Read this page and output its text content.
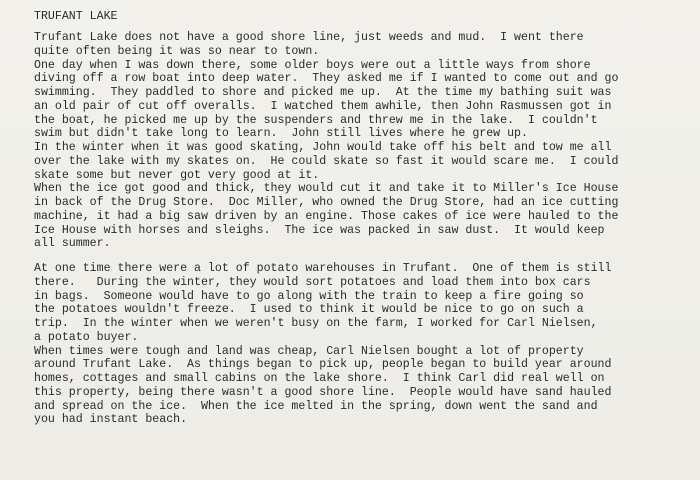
TRUFANT LAKE
Trufant Lake does not have a good shore line, just weeds and mud.  I went there
quite often being it was so near to town.
One day when I was down there, some older boys were out a little ways from shore
diving off a row boat into deep water.  They asked me if I wanted to come out and go
swimming.  They paddled to shore and picked me up.  At the time my bathing suit was
an old pair of cut off overalls.  I watched them awhile, then John Rasmussen got in
the boat, he picked me up by the suspenders and threw me in the lake.  I couldn't
swim but didn't take long to learn.  John still lives where he grew up.
In the winter when it was good skating, John would take off his belt and tow me all
over the lake with my skates on.  He could skate so fast it would scare me.  I could
skate some but never got very good at it.
When the ice got good and thick, they would cut it and take it to Miller's Ice House
in back of the Drug Store.  Doc Miller, who owned the Drug Store, had an ice cutting
machine, it had a big saw driven by an engine. Those cakes of ice were hauled to the
Ice House with horses and sleighs.  The ice was packed in saw dust.  It would keep
all summer.
At one time there were a lot of potato warehouses in Trufant.  One of them is still
there.   During the winter, they would sort potatoes and load them into box cars
in bags.  Someone would have to go along with the train to keep a fire going so
the potatoes wouldn't freeze.  I used to think it would be nice to go on such a
trip.  In the winter when we weren't busy on the farm, I worked for Carl Nielsen,
a potato buyer.
When times were tough and land was cheap, Carl Nielsen bought a lot of property
around Trufant Lake.  As things began to pick up, people began to build year around
homes, cottages and small cabins on the lake shore.  I think Carl did real well on
this property, being there wasn't a good shore line.  People would have sand hauled
and spread on the ice.  When the ice melted in the spring, down went the sand and
you had instant beach.
